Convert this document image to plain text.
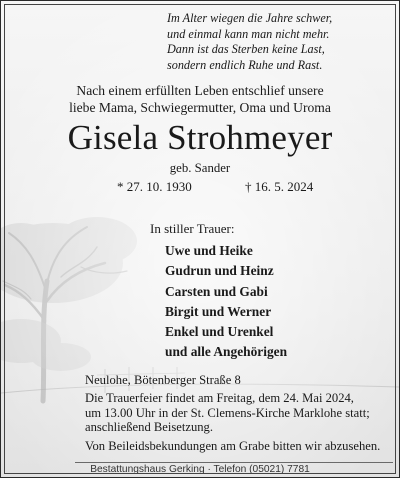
Im Alter wiegen die Jahre schwer,
und einmal kann man nicht mehr.
Dann ist das Sterben keine Last,
sondern endlich Ruhe und Rast.
Nach einem erfüllten Leben entschlief unsere
liebe Mama, Schwiegermutter, Oma und Uroma
Gisela Strohmeyer
geb. Sander
* 27. 10. 1930	† 16. 5. 2024
In stiller Trauer:
Uwe und Heike
Gudrun und Heinz
Carsten und Gabi
Birgit und Werner
Enkel und Urenkel
und alle Angehörigen
Neulohe, Bötenberger Straße 8
Die Trauerfeier findet am Freitag, dem 24. Mai 2024,
um 13.00 Uhr in der St. Clemens-Kirche Marklohe statt;
anschließend Beisetzung.
Von Beileidsbekundungen am Grabe bitten wir abzusehen.
Bestattungshaus Gerking · Telefon (05021) 7781
